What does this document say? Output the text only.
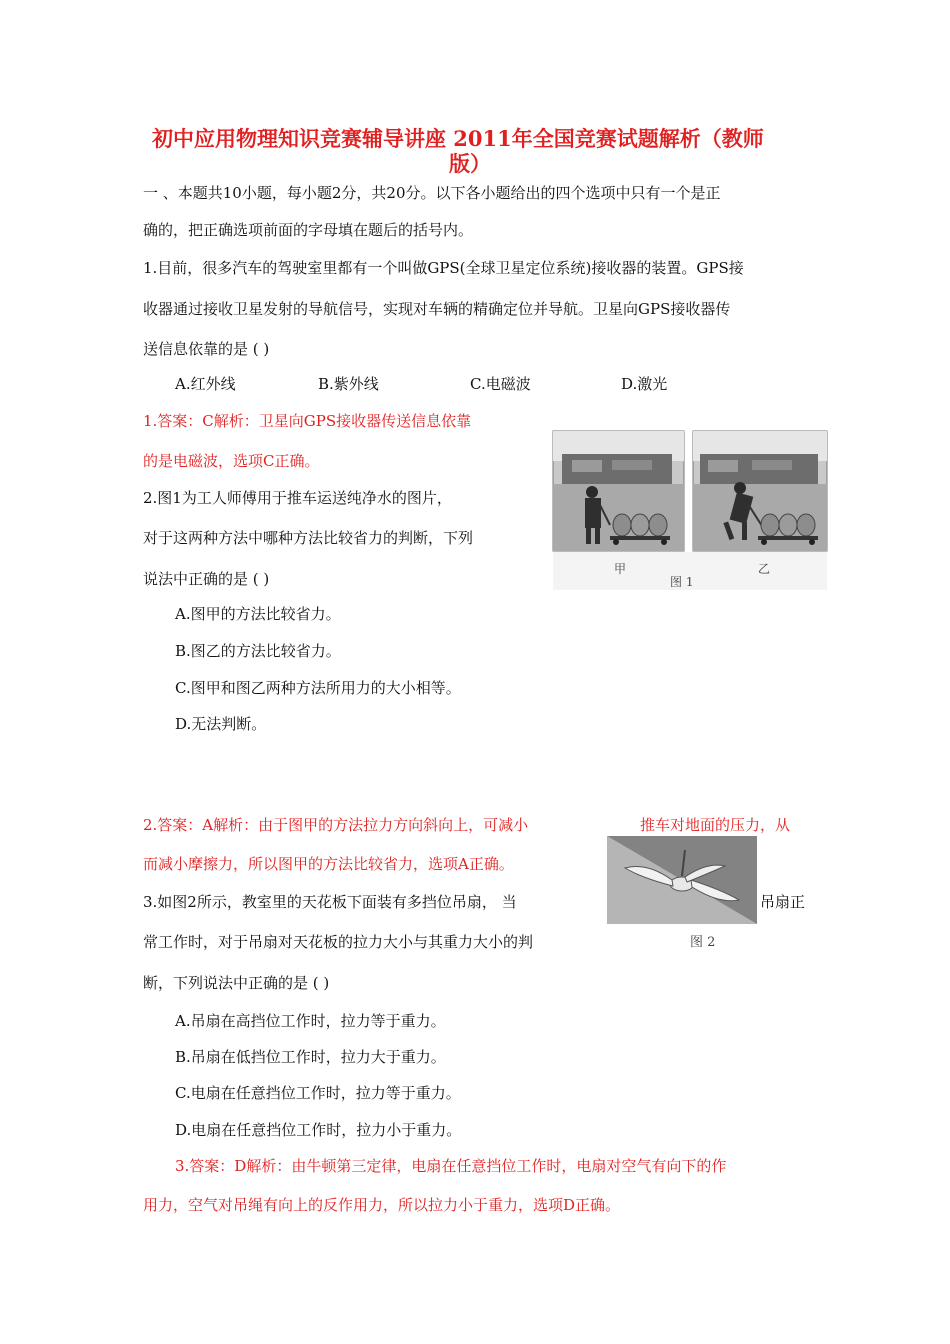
初中应用物理知识竞赛辅导讲座 2011年全国竞赛试题解析（教师
版）
一 、本题共10小题，每小题2分，共20分。以下各小题给出的四个选项中只有一个是正
确的，把正确选项前面的字母填在题后的括号内。
1.目前，很多汽车的驾驶室里都有一个叫做GPS(全球卫星定位系统)接收器的装置。GPS接
收器通过接收卫星发射的导航信号，实现对车辆的精确定位并导航。卫星向GPS接收器传
送信息依靠的是 ( )
A.红外线	B.紫外线	C.电磁波	D.激光
1.答案：C解析：卫星向GPS接收器传送信息依靠
的是电磁波，选项C正确。
2.图1为工人师傅用于推车运送纯净水的图片，
对于这两种方法中哪种方法比较省力的判断，下列
说法中正确的是 ( )
A.图甲的方法比较省力。
B.图乙的方法比较省力。
C.图甲和图乙两种方法所用力的大小相等。
D.无法判断。
甲
图 1
乙
2.答案：A解析：由于图甲的方法拉力方向斜向上，可减小	推车对地面的压力，从
而减小摩擦力，所以图甲的方法比较省力，选项A正确。
图 2
3.如图2所示，教室里的天花板下面装有多挡位吊扇， 当	吊扇正
常工作时，对于吊扇对天花板的拉力大小与其重力大小的判
断，下列说法中正确的是 ( )
A.吊扇在高挡位工作时，拉力等于重力。
B.吊扇在低挡位工作时，拉力大于重力。
C.电扇在任意挡位工作时，拉力等于重力。
D.电扇在任意挡位工作时，拉力小于重力。
3.答案：D解析：由牛顿第三定律，电扇在任意挡位工作时，电扇对空气有向下的作
用力，空气对吊绳有向上的反作用力，所以拉力小于重力，选项D正确。
